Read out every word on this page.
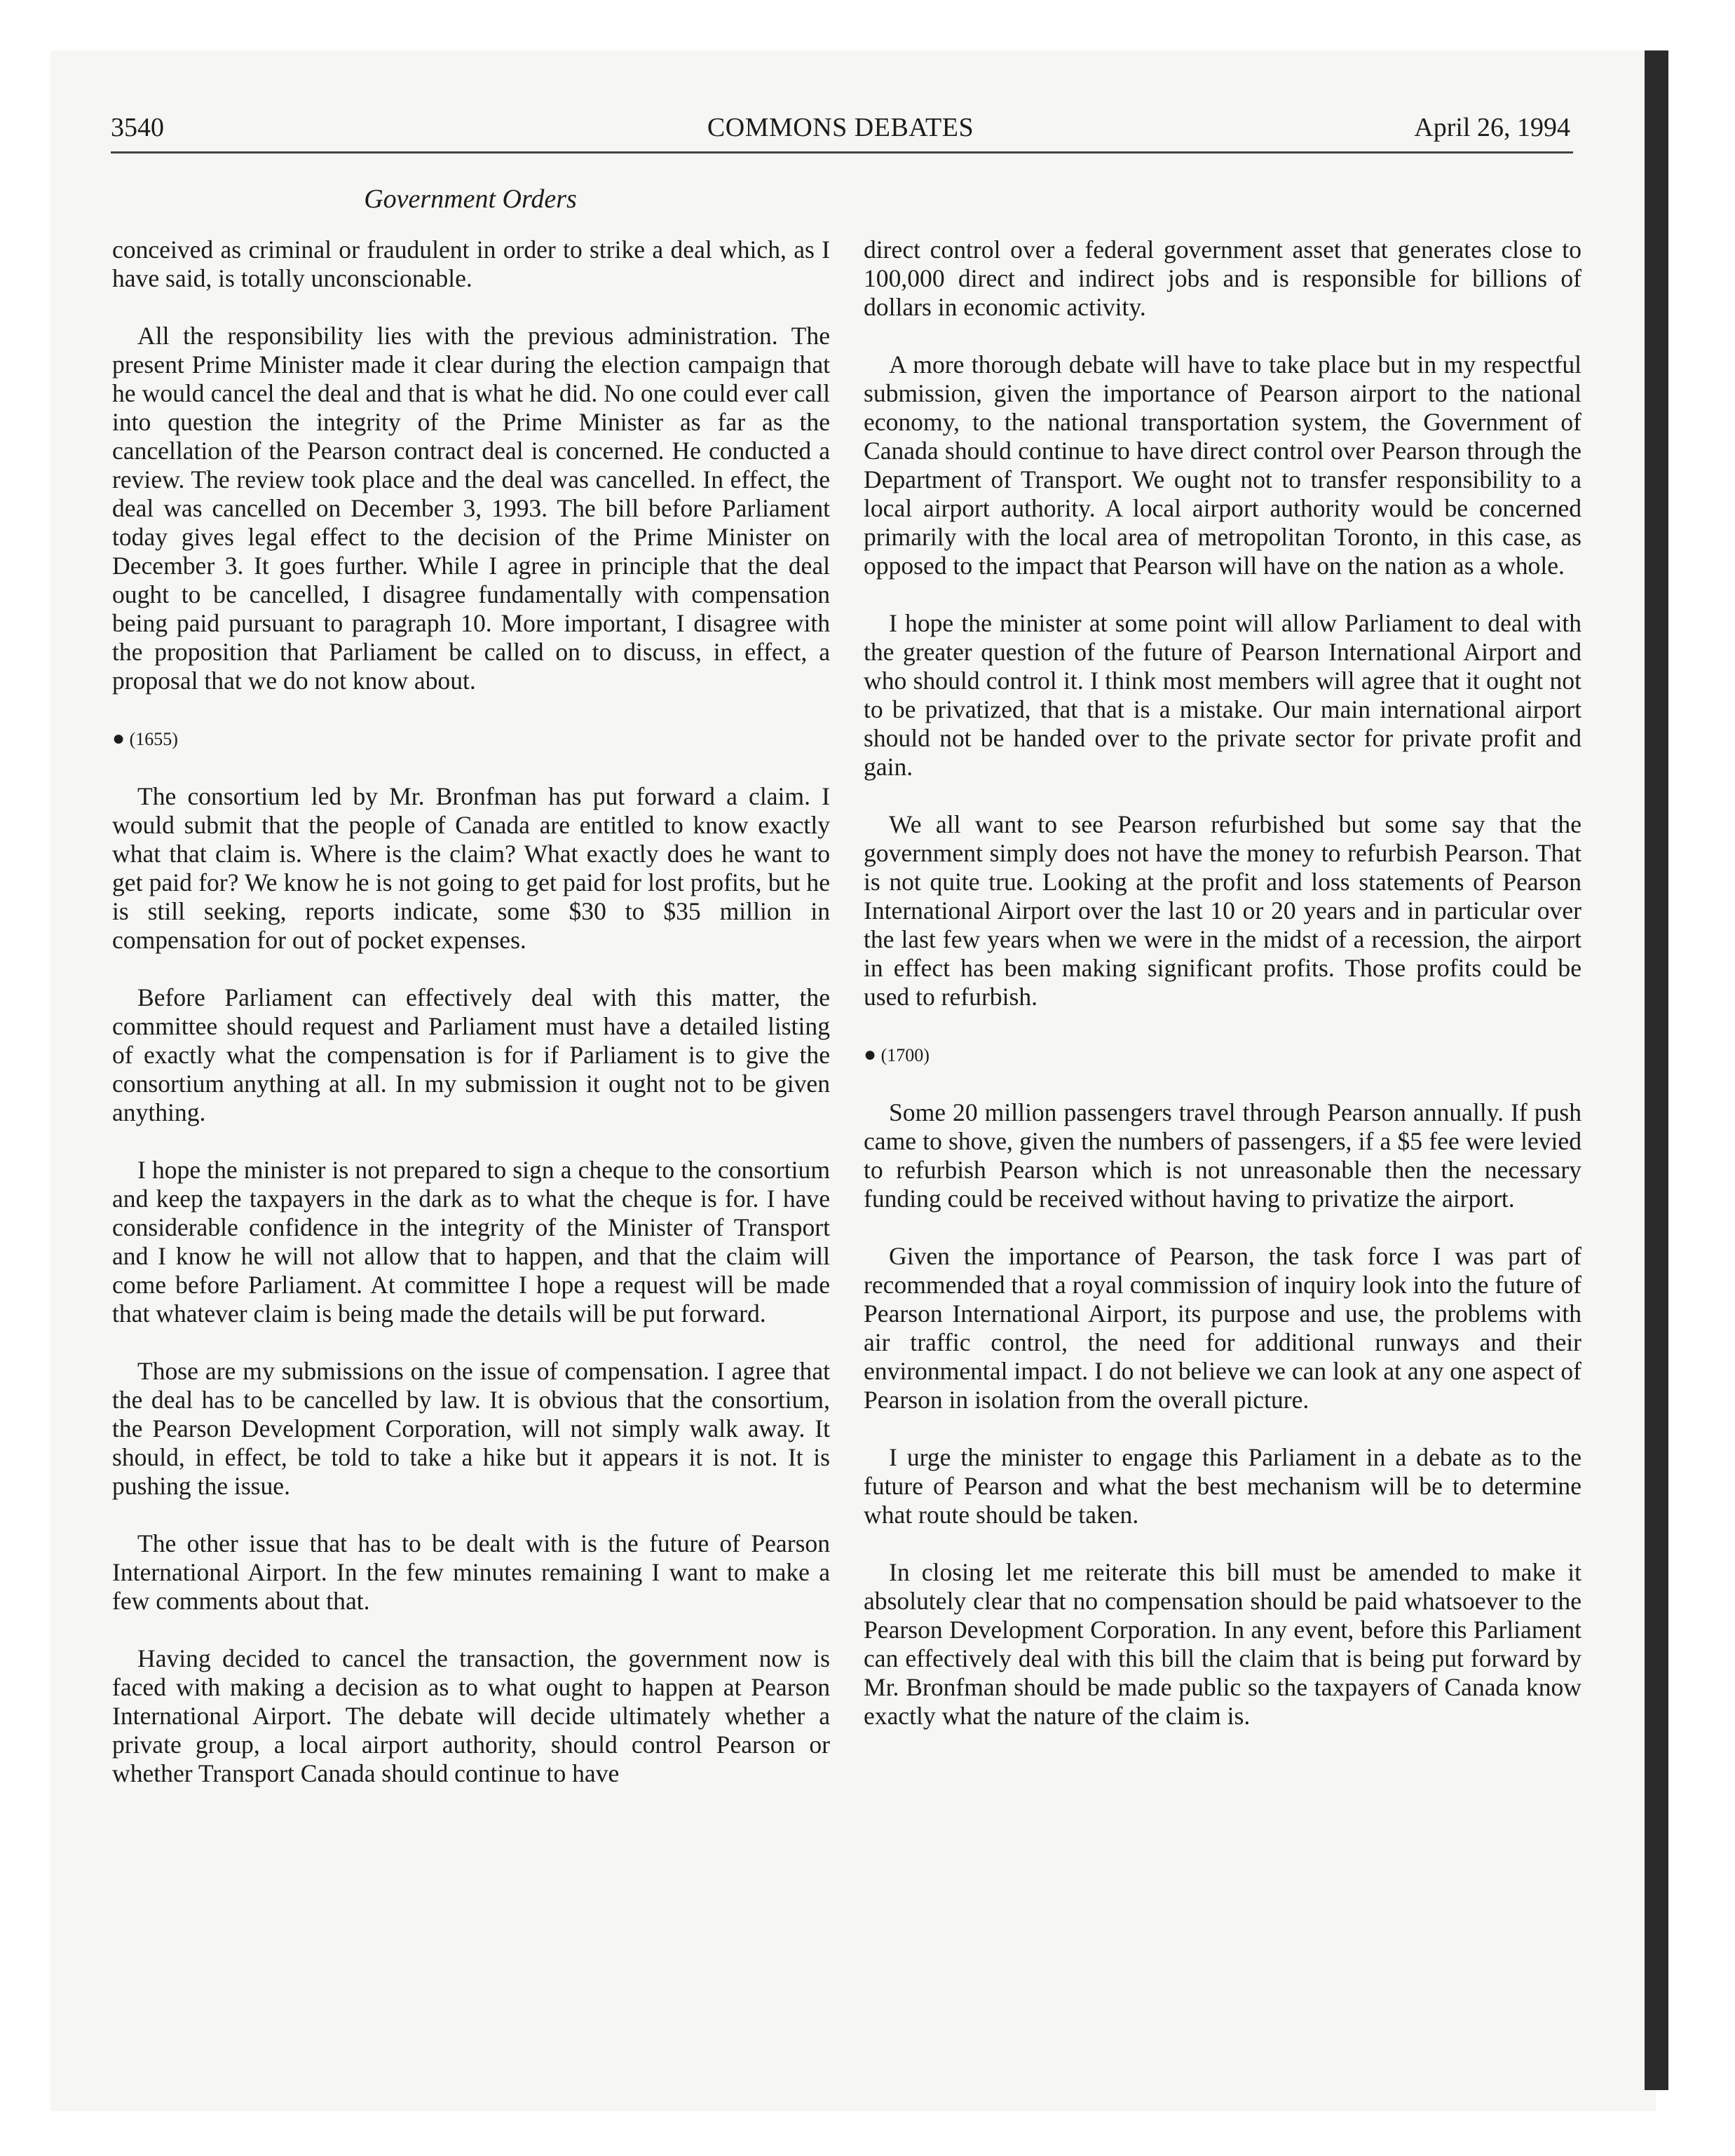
3540	COMMONS DEBATES	April 26, 1994
Government Orders

conceived as criminal or fraudulent in order to strike a deal which, as I have said, is totally unconscionable.

All the responsibility lies with the previous administration. The present Prime Minister made it clear during the election campaign that he would cancel the deal and that is what he did. No one could ever call into question the integrity of the Prime Minister as far as the cancellation of the Pearson contract deal is concerned. He conducted a review. The review took place and the deal was cancelled. In effect, the deal was cancelled on December 3, 1993. The bill before Parliament today gives legal effect to the decision of the Prime Minister on December 3. It goes further. While I agree in principle that the deal ought to be cancelled, I disagree fundamentally with compensation being paid pursuant to paragraph 10. More important, I disagree with the proposition that Parliament be called on to discuss, in effect, a proposal that we do not know about.

● (1655)

The consortium led by Mr. Bronfman has put forward a claim. I would submit that the people of Canada are entitled to know exactly what that claim is. Where is the claim? What exactly does he want to get paid for? We know he is not going to get paid for lost profits, but he is still seeking, reports indicate, some $30 to $35 million in compensation for out of pocket expenses.

Before Parliament can effectively deal with this matter, the committee should request and Parliament must have a detailed listing of exactly what the compensation is for if Parliament is to give the consortium anything at all. In my submission it ought not to be given anything.

I hope the minister is not prepared to sign a cheque to the consortium and keep the taxpayers in the dark as to what the cheque is for. I have considerable confidence in the integrity of the Minister of Transport and I know he will not allow that to happen, and that the claim will come before Parliament. At committee I hope a request will be made that whatever claim is being made the details will be put forward.

Those are my submissions on the issue of compensation. I agree that the deal has to be cancelled by law. It is obvious that the consortium, the Pearson Development Corporation, will not simply walk away. It should, in effect, be told to take a hike but it appears it is not. It is pushing the issue.

The other issue that has to be dealt with is the future of Pearson International Airport. In the few minutes remaining I want to make a few comments about that.

Having decided to cancel the transaction, the government now is faced with making a decision as to what ought to happen at Pearson International Airport. The debate will decide ultimately whether a private group, a local airport authority, should control Pearson or whether Transport Canada should continue to have

direct control over a federal government asset that generates close to 100,000 direct and indirect jobs and is responsible for billions of dollars in economic activity.

A more thorough debate will have to take place but in my respectful submission, given the importance of Pearson airport to the national economy, to the national transportation system, the Government of Canada should continue to have direct control over Pearson through the Department of Transport. We ought not to transfer responsibility to a local airport authority. A local airport authority would be concerned primarily with the local area of metropolitan Toronto, in this case, as opposed to the impact that Pearson will have on the nation as a whole.

I hope the minister at some point will allow Parliament to deal with the greater question of the future of Pearson International Airport and who should control it. I think most members will agree that it ought not to be privatized, that that is a mistake. Our main international airport should not be handed over to the private sector for private profit and gain.

We all want to see Pearson refurbished but some say that the government simply does not have the money to refurbish Pearson. That is not quite true. Looking at the profit and loss statements of Pearson International Airport over the last 10 or 20 years and in particular over the last few years when we were in the midst of a recession, the airport in effect has been making significant profits. Those profits could be used to refurbish.

● (1700)

Some 20 million passengers travel through Pearson annually. If push came to shove, given the numbers of passengers, if a $5 fee were levied to refurbish Pearson which is not unreasonable then the necessary funding could be received without having to privatize the airport.

Given the importance of Pearson, the task force I was part of recommended that a royal commission of inquiry look into the future of Pearson International Airport, its purpose and use, the problems with air traffic control, the need for additional runways and their environmental impact. I do not believe we can look at any one aspect of Pearson in isolation from the overall picture.

I urge the minister to engage this Parliament in a debate as to the future of Pearson and what the best mechanism will be to determine what route should be taken.

In closing let me reiterate this bill must be amended to make it absolutely clear that no compensation should be paid whatsoever to the Pearson Development Corporation. In any event, before this Parliament can effectively deal with this bill the claim that is being put forward by Mr. Bronfman should be made public so the taxpayers of Canada know exactly what the nature of the claim is.
